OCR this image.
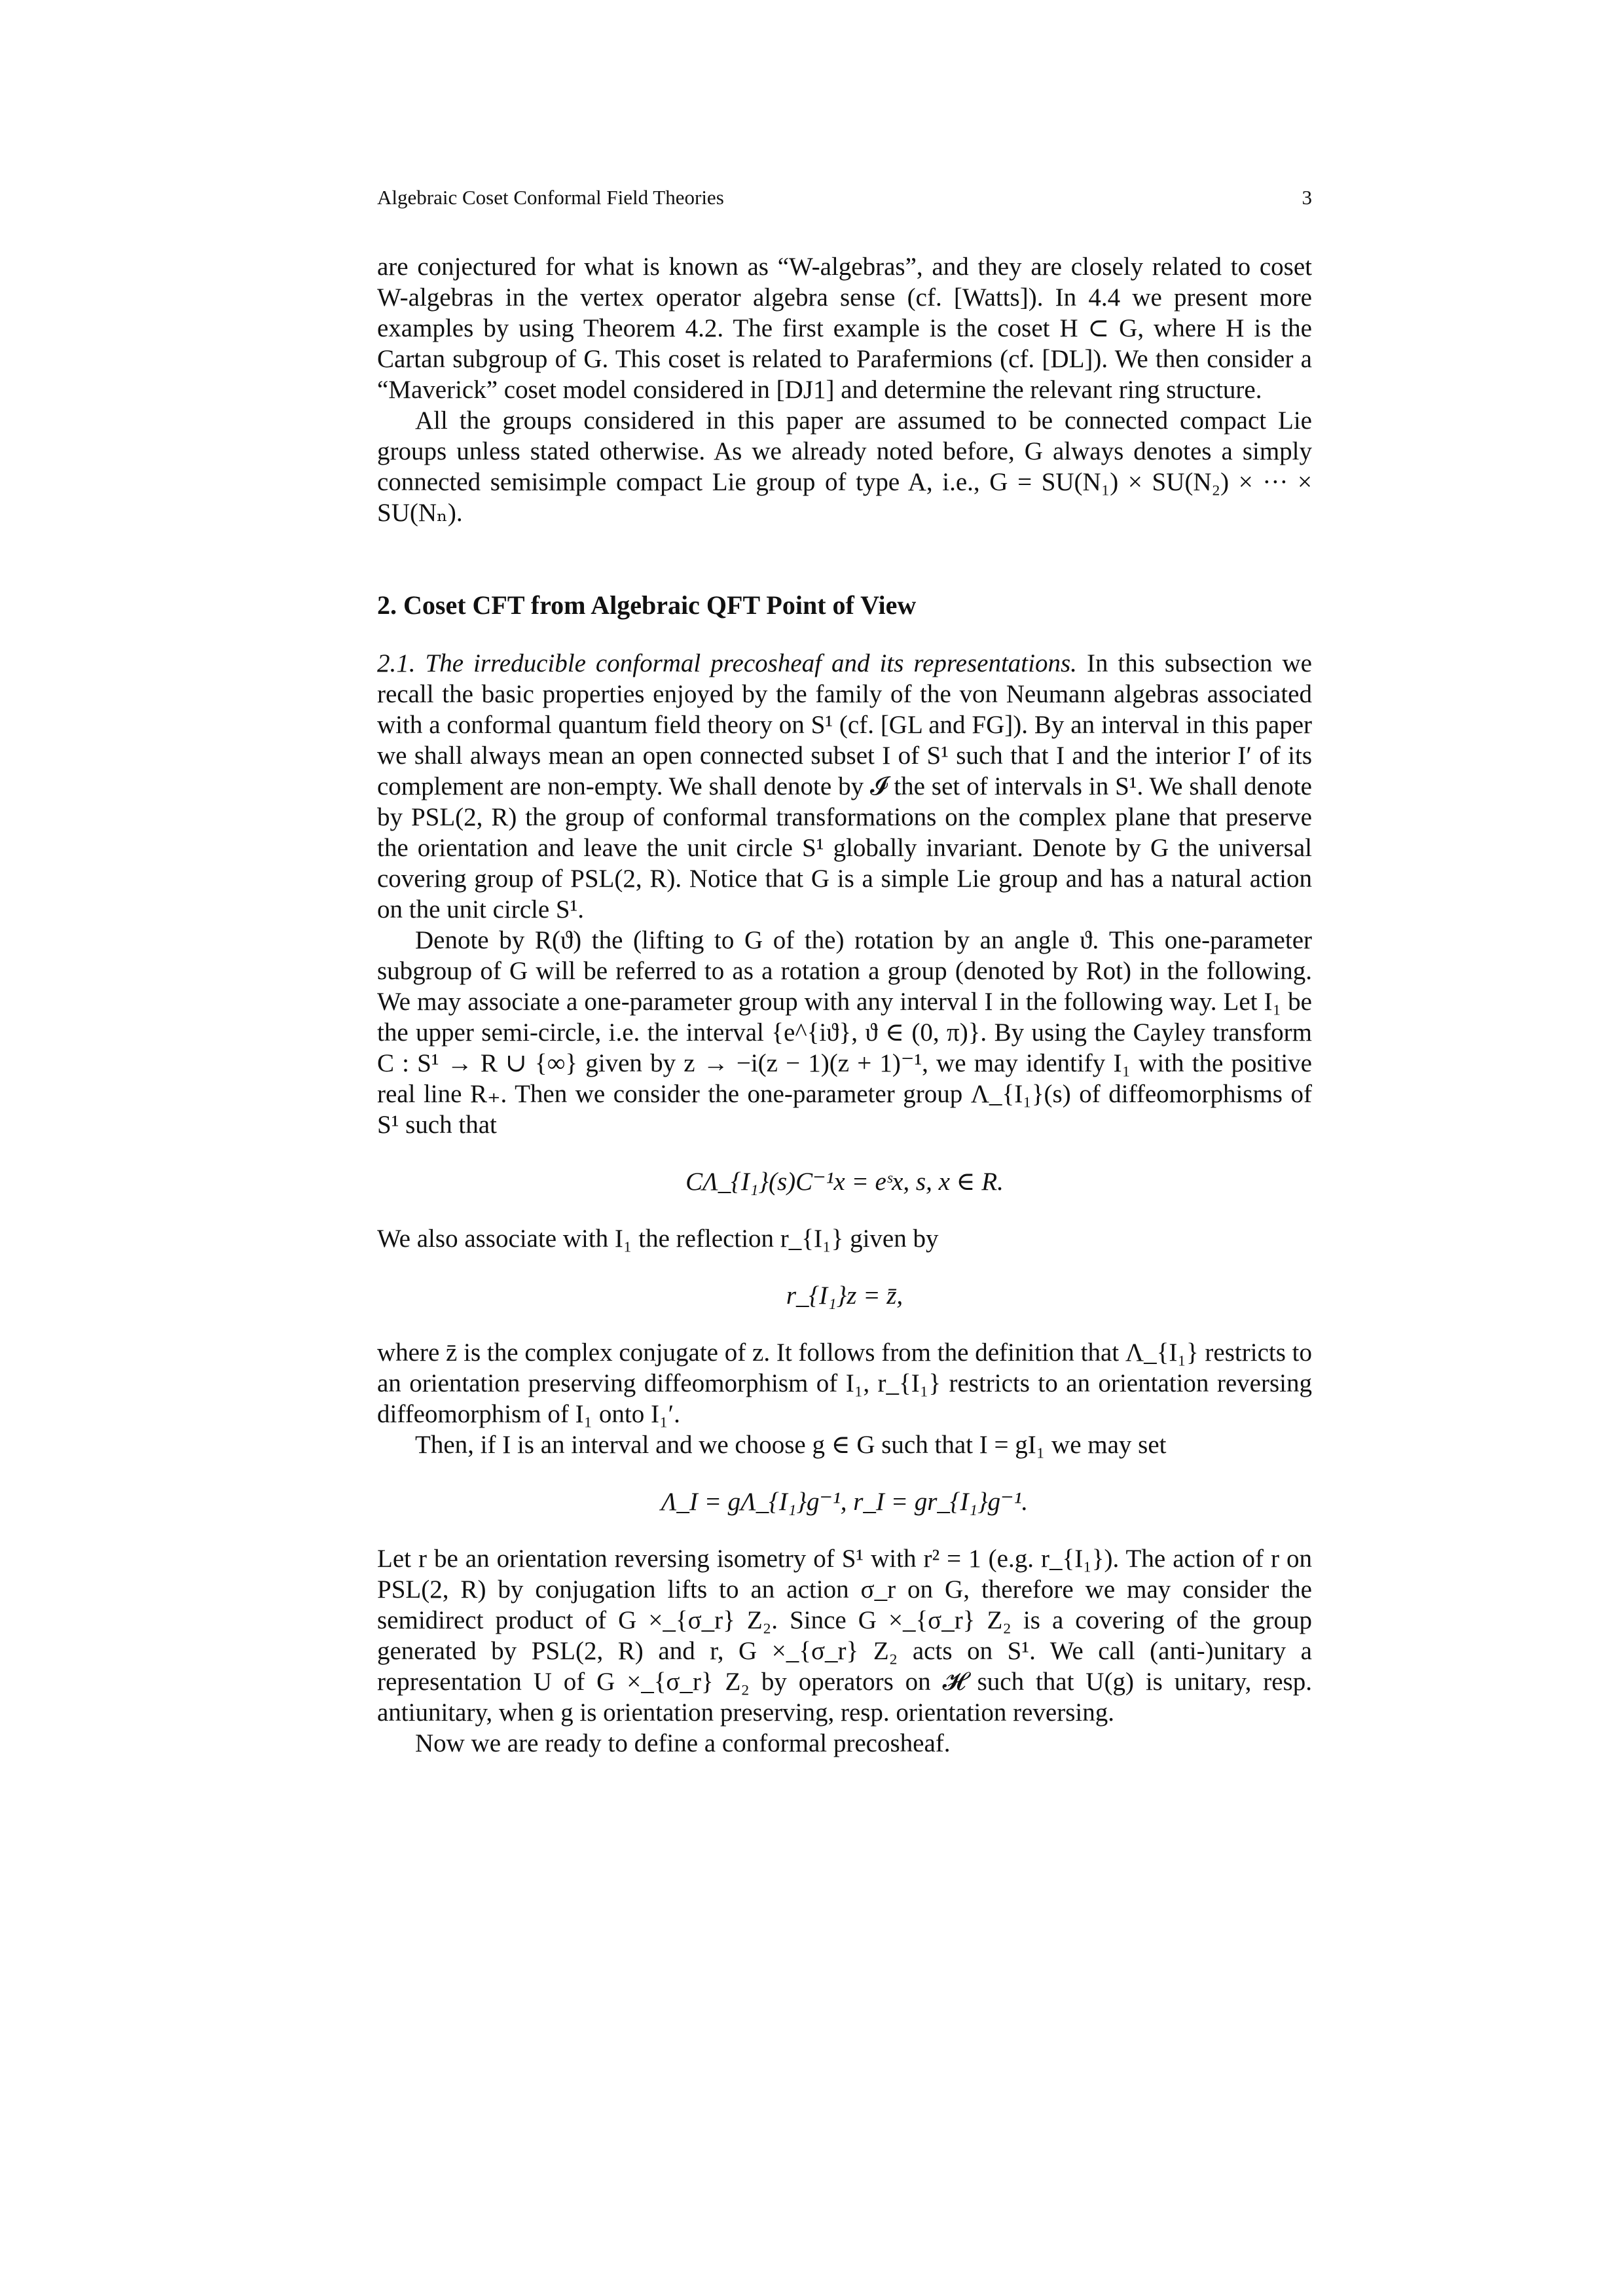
Algebraic Coset Conformal Field Theories	3

are conjectured for what is known as “W-algebras”, and they are closely related to coset W-algebras in the vertex operator algebra sense (cf. [Watts]). In 4.4 we present more examples by using Theorem 4.2. The first example is the coset H ⊂ G, where H is the Cartan subgroup of G. This coset is related to Parafermions (cf. [DL]). We then consider a “Maverick” coset model considered in [DJ1] and determine the relevant ring structure.

All the groups considered in this paper are assumed to be connected compact Lie groups unless stated otherwise. As we already noted before, G always denotes a simply connected semisimple compact Lie group of type A, i.e., G = SU(N₁) × SU(N₂) × ··· × SU(Nₙ).

2. Coset CFT from Algebraic QFT Point of View

2.1. The irreducible conformal precosheaf and its representations. In this subsection we recall the basic properties enjoyed by the family of the von Neumann algebras associated with a conformal quantum field theory on S¹ (cf. [GL and FG]). By an interval in this paper we shall always mean an open connected subset I of S¹ such that I and the interior I′ of its complement are non-empty. We shall denote by 𝓘 the set of intervals in S¹. We shall denote by PSL(2, R) the group of conformal transformations on the complex plane that preserve the orientation and leave the unit circle S¹ globally invariant. Denote by G the universal covering group of PSL(2, R). Notice that G is a simple Lie group and has a natural action on the unit circle S¹.

Denote by R(ϑ) the (lifting to G of the) rotation by an angle ϑ. This one-parameter subgroup of G will be referred to as a rotation a group (denoted by Rot) in the following. We may associate a one-parameter group with any interval I in the following way. Let I₁ be the upper semi-circle, i.e. the interval {e^{iϑ}, ϑ ∈ (0, π)}. By using the Cayley transform C : S¹ → R ∪ {∞} given by z → −i(z − 1)(z + 1)⁻¹, we may identify I₁ with the positive real line R₊. Then we consider the one-parameter group Λ_{I₁}(s) of diffeomorphisms of S¹ such that

CΛ_{I₁}(s)C⁻¹x = eˢx, s, x ∈ R.

We also associate with I₁ the reflection r_{I₁} given by

r_{I₁}z = z̄,

where z̄ is the complex conjugate of z. It follows from the definition that Λ_{I₁} restricts to an orientation preserving diffeomorphism of I₁, r_{I₁} restricts to an orientation reversing diffeomorphism of I₁ onto I₁′.

Then, if I is an interval and we choose g ∈ G such that I = gI₁ we may set

Λ_I = gΛ_{I₁}g⁻¹, r_I = gr_{I₁}g⁻¹.

Let r be an orientation reversing isometry of S¹ with r² = 1 (e.g. r_{I₁}). The action of r on PSL(2, R) by conjugation lifts to an action σ_r on G, therefore we may consider the semidirect product of G ×_{σ_r} Z₂. Since G ×_{σ_r} Z₂ is a covering of the group generated by PSL(2, R) and r, G ×_{σ_r} Z₂ acts on S¹. We call (anti-)unitary a representation U of G ×_{σ_r} Z₂ by operators on 𝓗 such that U(g) is unitary, resp. antiunitary, when g is orientation preserving, resp. orientation reversing.

Now we are ready to define a conformal precosheaf.
